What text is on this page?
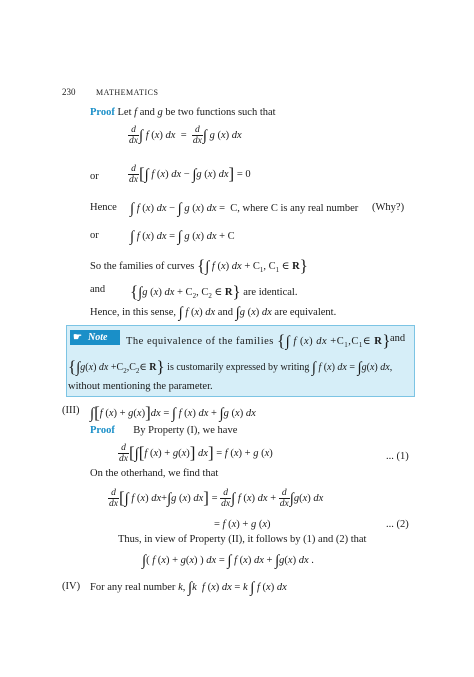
230	MATHEMATICS
Proof Let f and g be two functions such that
$\frac{d}{dx}$ ∫ f (x) dx  = $\frac{d}{dx}$ ∫ g (x) dx
or	$\frac{d}{dx}$ [∫ f (x) dx − ∫g (x) dx] = 0
Hence ∫ f (x) dx − ∫ g (x) dx =  C, where C is any real number (Why?)
or ∫ f (x) dx = ∫ g (x) dx + C
So the families of curves {∫ f (x) dx + $C_1$, $C_1$ ∈ R}
and {∫g (x) dx + $C_2$, $C_2$ ∈ R} are identical.
Hence, in this sense, ∫ f (x) dx and ∫g (x) dx are equivalent.
☛ Note	The equivalence of the families {∫ f (x) dx $+C_1,C_1\in$ R}
and
{∫g(x) dx $+C_2,C_2\in$ R} is customarily expressed by writing ∫ f (x) dx = ∫g(x) dx,
without mentioning the parameter.
(III) ∫[f (x) + g(x)]dx = ∫ f (x) dx + ∫g (x) dx
Proof By Property (I), we have
$\frac{d}{dx} [\int[f$ (x) + g(x)] dx] = f (x) + g (x)	... (1)
On the otherhand, we find that
$\frac{d}{dx}$ [∫ f (x) dx+∫g (x) $dx] = \frac{d}{dx}$ ∫ f (x) dx + $\frac{d}{dx} \int g(x)$ dx
= f (x) + g (x)	... (2)
Thus, in view of Property (II), it follows by (1) and (2) that
∫( f (x) + g(x) ) dx = ∫ f (x) dx + ∫g(x) dx .
(IV) For any real number k, ∫k f (x) dx = k ∫ f (x) dx
